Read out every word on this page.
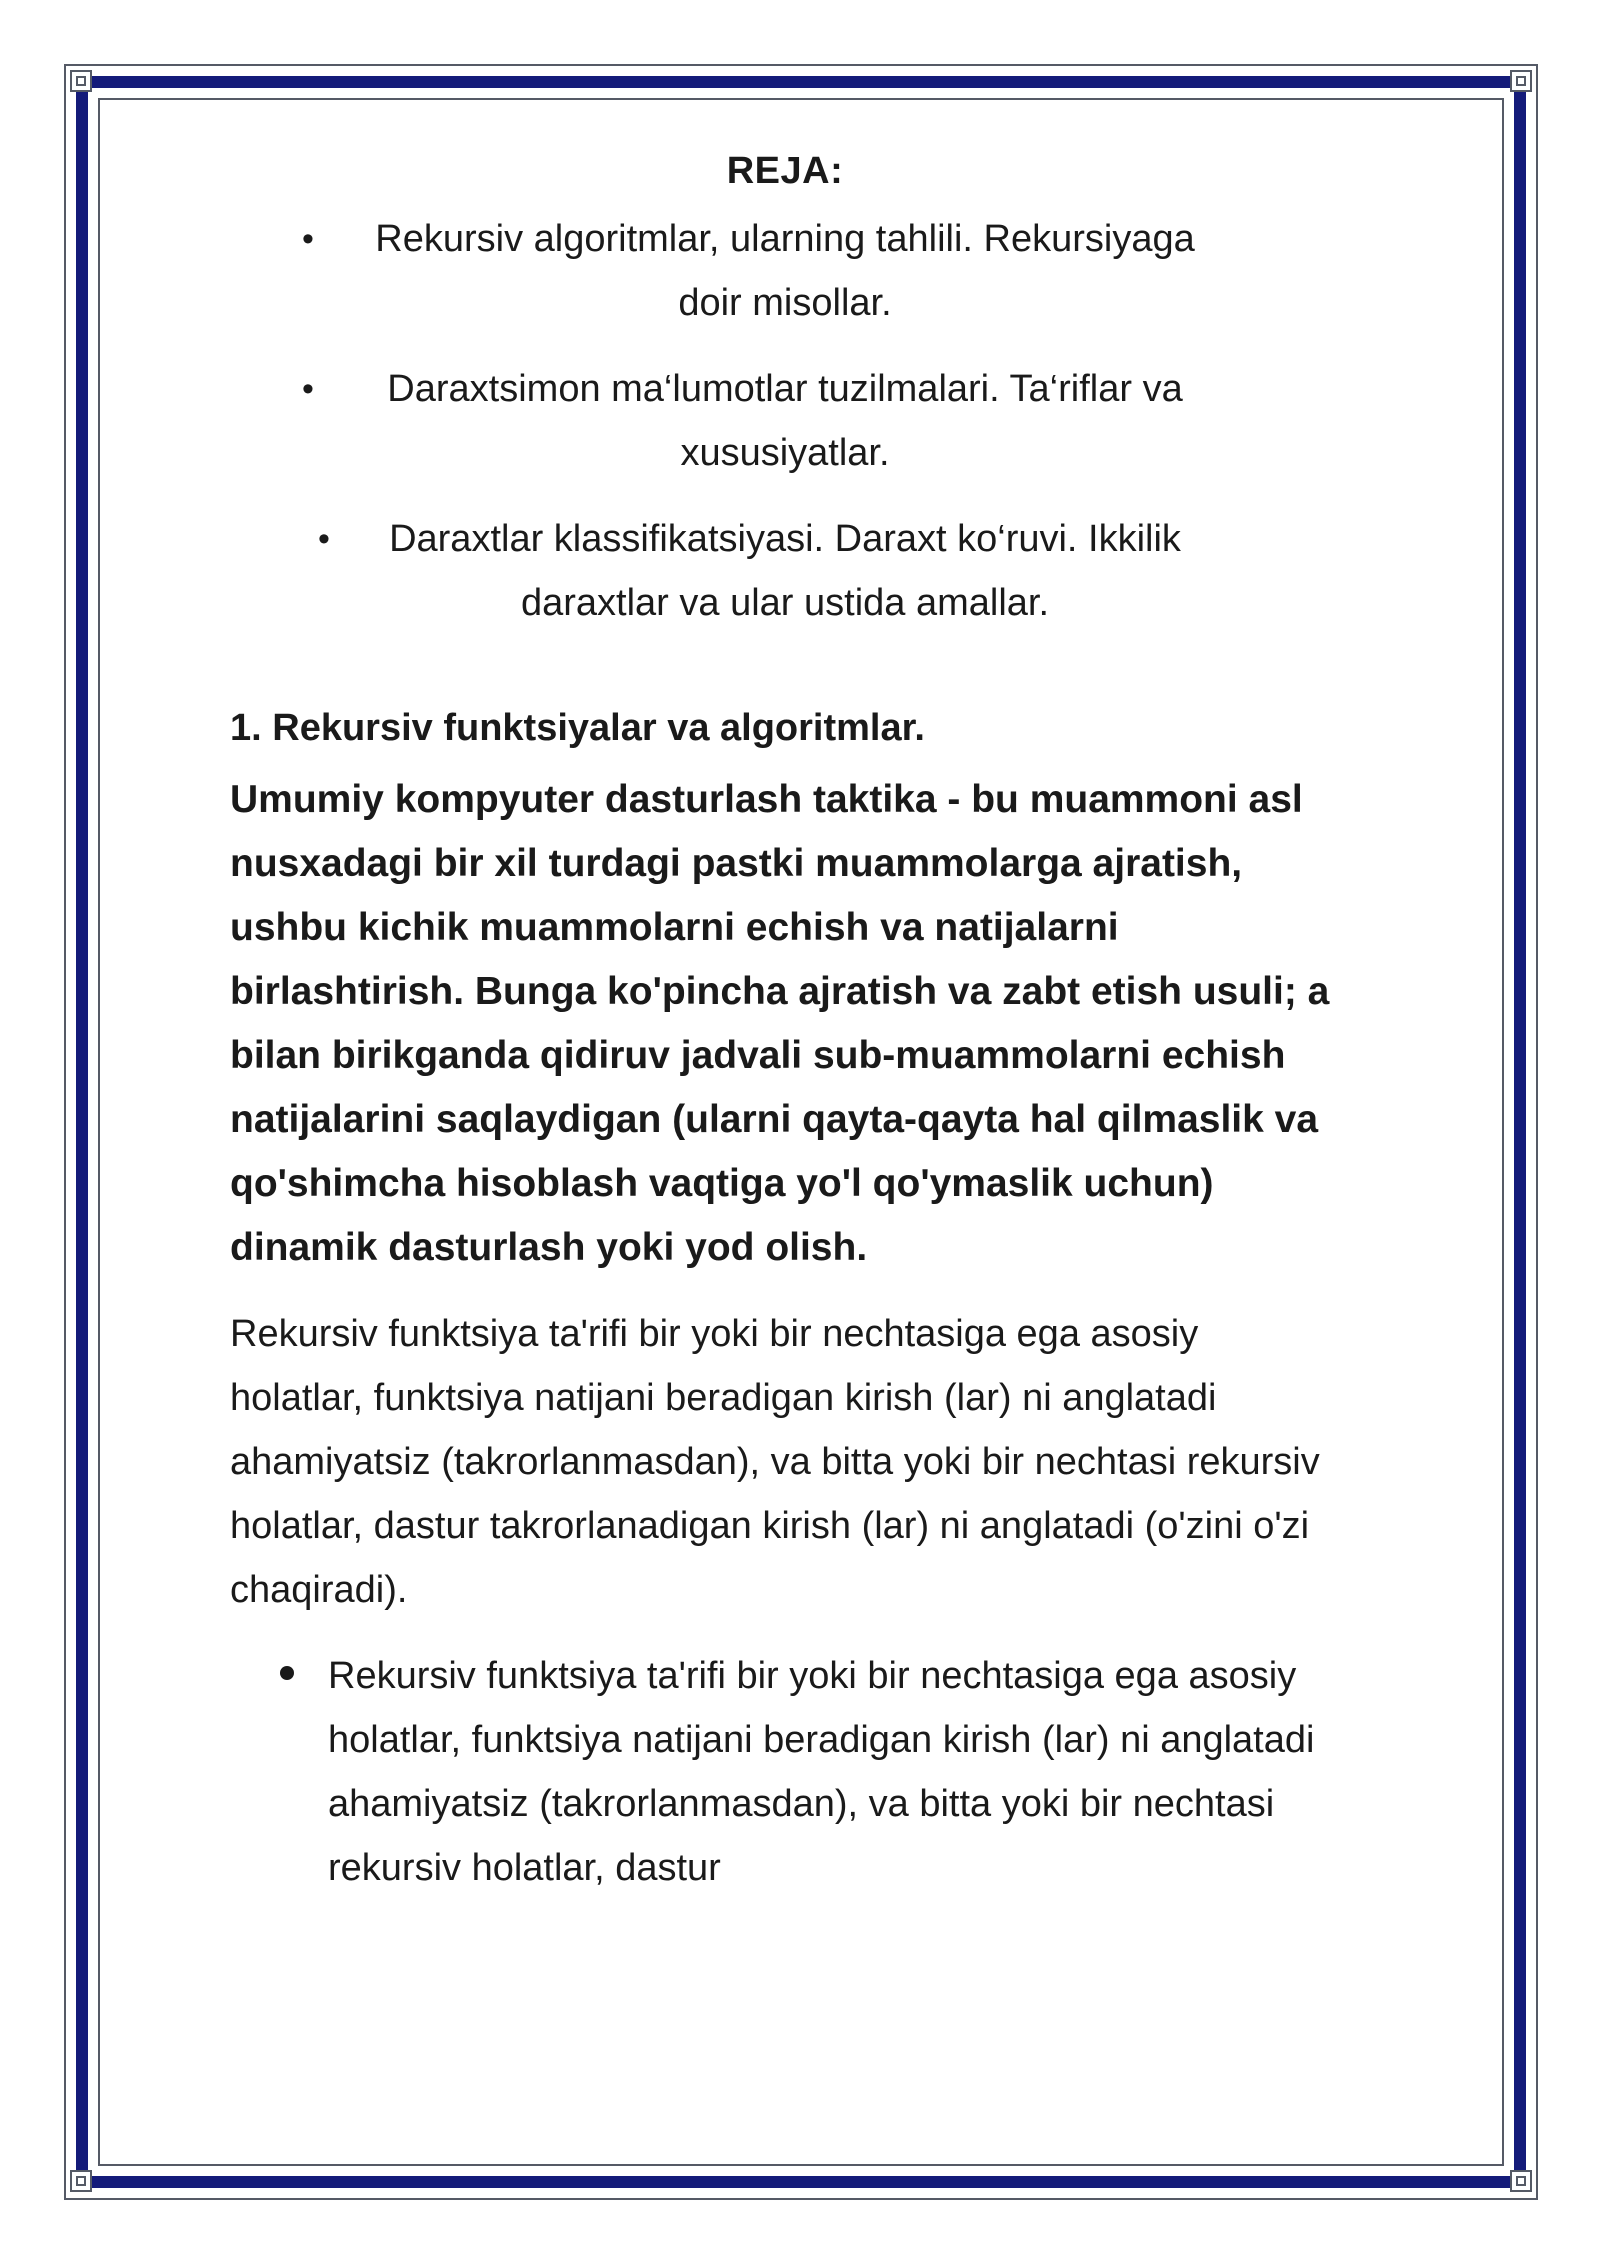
REJA:
• Rekursiv algoritmlar, ularning tahlili. Rekursiyaga doir misollar.
• Daraxtsimon ma‘lumotlar tuzilmalari. Ta‘riflar va xususiyatlar.
• Daraxtlar klassifikatsiyasi. Daraxt ko‘ruvi. Ikkilik daraxtlar va ular ustida amallar.
1. Rekursiv funktsiyalar va algoritmlar.

Umumiy kompyuter dasturlash taktika - bu muammoni asl nusxadagi bir xil turdagi pastki muammolarga ajratish, ushbu kichik muammolarni echish va natijalarni birlashtirish. Bunga ko'pincha ajratish va zabt etish usuli; a bilan birikganda qidiruv jadvali sub-muammolarni echish natijalarini saqlaydigan (ularni qayta-qayta hal qilmaslik va qo'shimcha hisoblash vaqtiga yo'l qo'ymaslik uchun) dinamik dasturlash yoki yod olish.

Rekursiv funktsiya ta'rifi bir yoki bir nechtasiga ega asosiy holatlar, funktsiya natijani beradigan kirish (lar) ni anglatadi ahamiyatsiz (takrorlanmasdan), va bitta yoki bir nechtasi rekursiv holatlar, dastur takrorlanadigan kirish (lar) ni anglatadi (o'zini o'zi chaqiradi).

Rekursiv funktsiya ta'rifi bir yoki bir nechtasiga ega asosiy holatlar, funktsiya natijani beradigan kirish (lar) ni anglatadi ahamiyatsiz (takrorlanmasdan), va bitta yoki bir nechtasi rekursiv holatlar, dastur
